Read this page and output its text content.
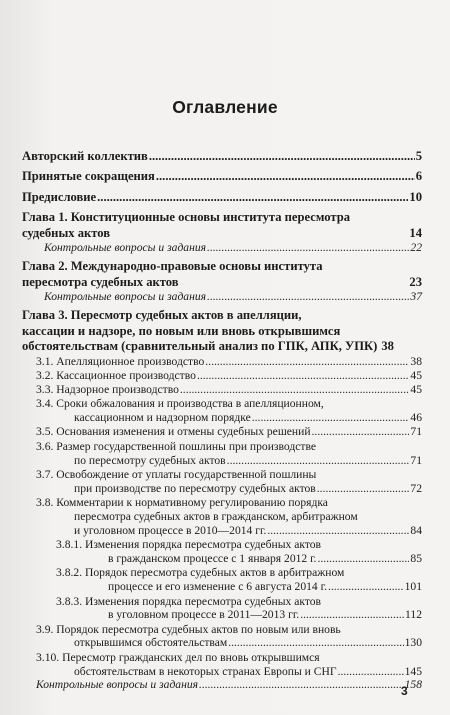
Оглавление
Авторский коллектив .....	5
Принятые сокращения .....	6
Предисловие .....	10
Глава 1. Конституционные основы института пересмотра
судебных актов	14
Контрольные вопросы и задания .....	22
Глава 2. Международно-правовые основы института
пересмотра судебных актов	23
Контрольные вопросы и задания .....	37
Глава 3. Пересмотр судебных актов в апелляции,
кассации и надзоре, по новым или вновь открывшимся
обстоятельствам (сравнительный анализ по ГПК, АПК, УПК) 38
3.1. Апелляционное производство .....	38
3.2. Кассационное производство .....	45
3.3. Надзорное производство .....	45
3.4. Сроки обжалования и производства в апелляционном,
кассационном и надзорном порядке .....	46
3.5. Основания изменения и отмены судебных решений .....	71
3.6. Размер государственной пошлины при производстве
по пересмотру судебных актов .....	71
3.7. Освобождение от уплаты государственной пошлины
при производстве по пересмотру судебных актов .....	72
3.8. Комментарии к нормативному регулированию порядка
пересмотра судебных актов в гражданском, арбитражном
и уголовном процессе в 2010—2014 гг. .....	84
3.8.1. Изменения порядка пересмотра судебных актов
в гражданском процессе с 1 января 2012 г. .....	85
3.8.2. Порядок пересмотра судебных актов в арбитражном
процессе и его изменение с 6 августа 2014 г. .....	101
3.8.3. Изменения порядка пересмотра судебных актов
в уголовном процессе в 2011—2013 гг. .....	112
3.9. Порядок пересмотра судебных актов по новым или вновь
открывшимся обстоятельствам .....	130
3.10. Пересмотр гражданских дел по вновь открывшимся
обстоятельствам в некоторых странах Европы и СНГ .....	145
Контрольные вопросы и задания .....	158
3
